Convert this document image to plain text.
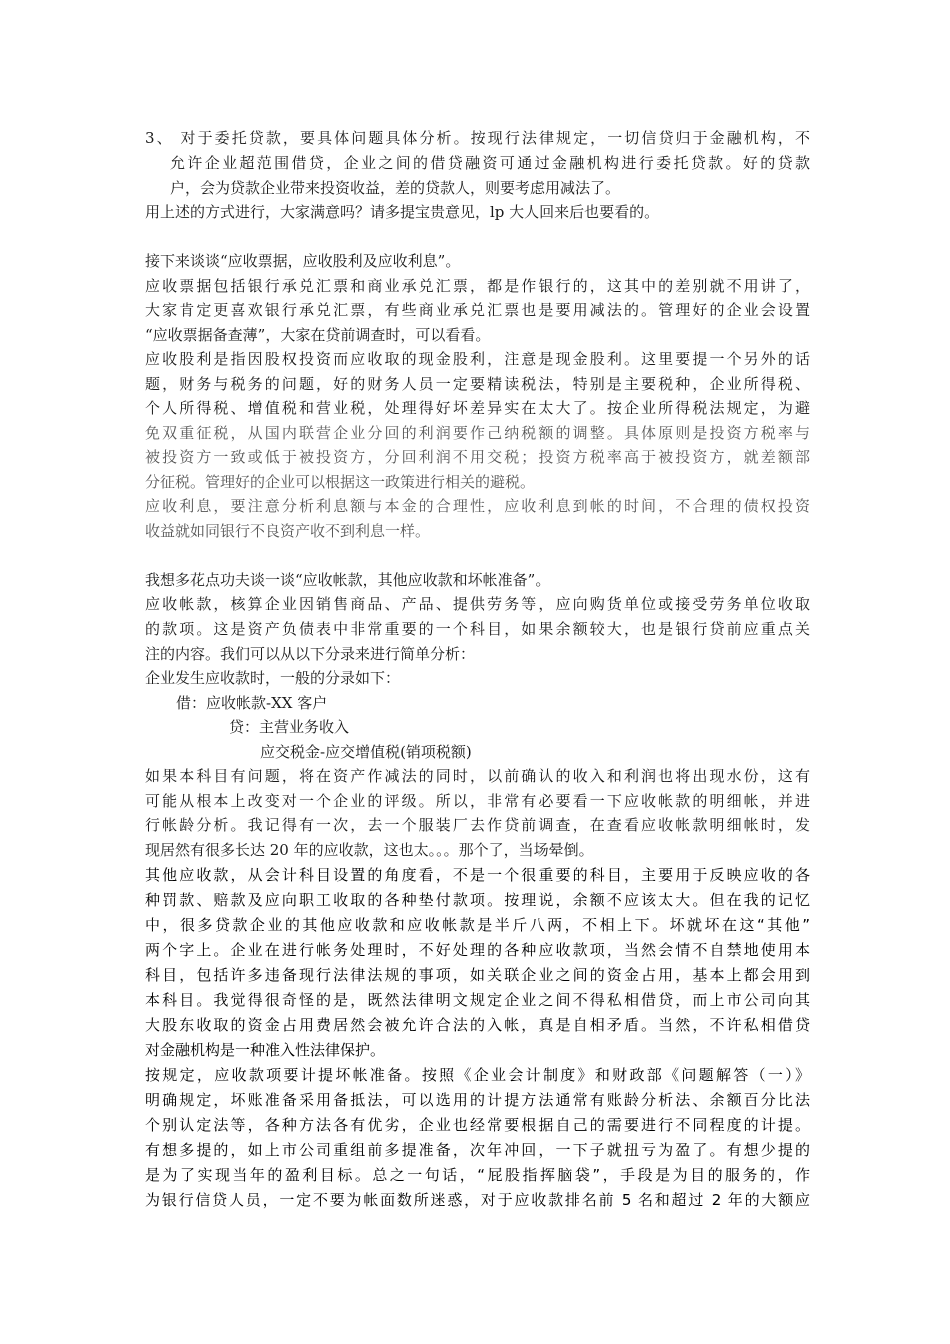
3、 对于委托贷款，要具体问题具体分析。按现行法律规定，一切信贷归于金融机构，不
允许企业超范围借贷，企业之间的借贷融资可通过金融机构进行委托贷款。好的贷款
户，会为贷款企业带来投资收益，差的贷款人，则要考虑用减法了。
用上述的方式进行，大家满意吗？请多提宝贵意见，lp 大人回来后也要看的。
接下来谈谈“应收票据，应收股利及应收利息”。
应收票据包括银行承兑汇票和商业承兑汇票，都是作银行的，这其中的差别就不用讲了，
大家肯定更喜欢银行承兑汇票，有些商业承兑汇票也是要用减法的。管理好的企业会设置
“应收票据备查薄”，大家在贷前调查时，可以看看。
应收股利是指因股权投资而应收取的现金股利，注意是现金股利。这里要提一个另外的话
题，财务与税务的问题，好的财务人员一定要精读税法，特别是主要税种，企业所得税、
个人所得税、增值税和营业税，处理得好坏差异实在太大了。按企业所得税法规定，为避
免双重征税，从国内联营企业分回的利润要作己纳税额的调整。具体原则是投资方税率与
被投资方一致或低于被投资方，分回利润不用交税；投资方税率高于被投资方，就差额部
分征税。管理好的企业可以根据这一政策进行相关的避税。
应收利息，要注意分析利息额与本金的合理性，应收利息到帐的时间，不合理的债权投资
收益就如同银行不良资产收不到利息一样。
我想多花点功夫谈一谈“应收帐款，其他应收款和坏帐准备”。
应收帐款，核算企业因销售商品、产品、提供劳务等，应向购货单位或接受劳务单位收取
的款项。这是资产负债表中非常重要的一个科目，如果余额较大，也是银行贷前应重点关
注的内容。我们可以从以下分录来进行简单分析：
企业发生应收款时，一般的分录如下：
借：应收帐款-XX 客户
贷：主营业务收入
应交税金-应交增值税(销项税额)
如果本科目有问题，将在资产作减法的同时，以前确认的收入和利润也将出现水份，这有
可能从根本上改变对一个企业的评级。所以，非常有必要看一下应收帐款的明细帐，并进
行帐龄分析。我记得有一次，去一个服装厂去作贷前调查，在查看应收帐款明细帐时，发
现居然有很多长达 20 年的应收款，这也太。。。那个了，当场晕倒。
其他应收款，从会计科目设置的角度看，不是一个很重要的科目，主要用于反映应收的各
种罚款、赔款及应向职工收取的各种垫付款项。按理说，余额不应该太大。但在我的记忆
中，很多贷款企业的其他应收款和应收帐款是半斤八两，不相上下。坏就坏在这“其他”
两个字上。企业在进行帐务处理时，不好处理的各种应收款项，当然会情不自禁地使用本
科目，包括许多违备现行法律法规的事项，如关联企业之间的资金占用，基本上都会用到
本科目。我觉得很奇怪的是，既然法律明文规定企业之间不得私相借贷，而上市公司向其
大股东收取的资金占用费居然会被允许合法的入帐，真是自相矛盾。当然，不许私相借贷
对金融机构是一种准入性法律保护。
按规定，应收款项要计提坏帐准备。按照《企业会计制度》和财政部《问题解答（一）》
明确规定，坏账准备采用备抵法，可以选用的计提方法通常有账龄分析法、余额百分比法
个别认定法等，各种方法各有优劣，企业也经常要根据自己的需要进行不同程度的计提。
有想多提的，如上市公司重组前多提准备，次年冲回，一下子就扭亏为盈了。有想少提的
是为了实现当年的盈利目标。总之一句话，“屁股指挥脑袋”，手段是为目的服务的，作
为银行信贷人员，一定不要为帐面数所迷惑，对于应收款排名前 5 名和超过 2 年的大额应
